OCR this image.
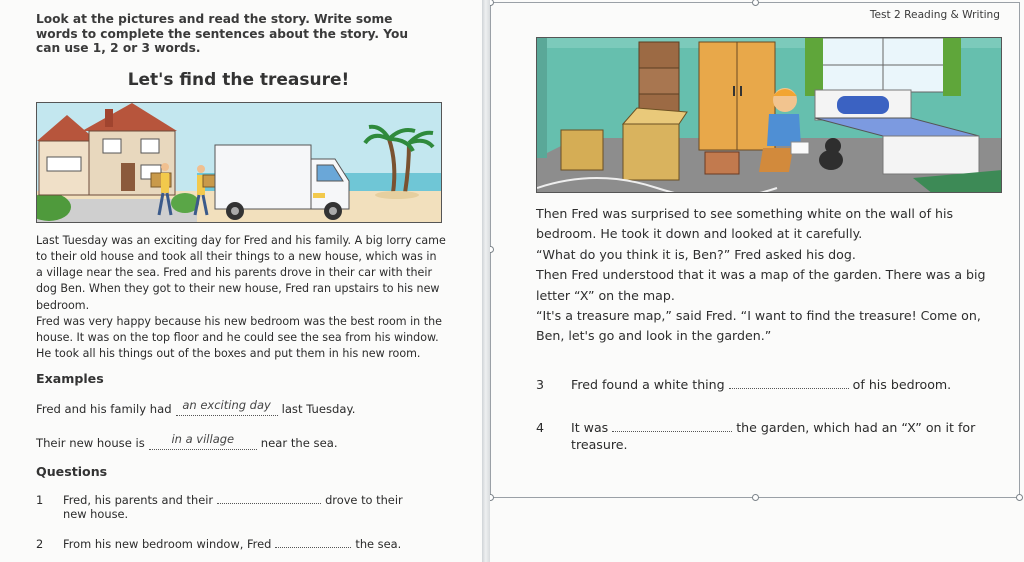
Look at the pictures and read the story. Write some words to complete the sentences about the story. You can use 1, 2 or 3 words.

Let's find the treasure!

Last Tuesday was an exciting day for Fred and his family. A big lorry came to their old house and took all their things to a new house, which was in a village near the sea. Fred and his parents drove in their car with their dog Ben. When they got to their new house, Fred ran upstairs to his new bedroom.

Fred was very happy because his new bedroom was the best room in the house. It was on the top floor and he could see the sea from his window. He took all his things out of the boxes and put them in his new room.

Examples
Fred and his family had an exciting day last Tuesday.
Their new house is	in a village	near the sea.
Questions
1	Fred, his parents and their	drove to their
new house.
2	From his new bedroom window, Fred	the sea.
Test 2 Reading & Writing

Then Fred was surprised to see something white on the wall of his bedroom. He took it down and looked at it carefully.

“What do you think it is, Ben?” Fred asked his dog.

Then Fred understood that it was a map of the garden. There was a big letter “X” on the map.

“It's a treasure map,” said Fred. “I want to find the treasure! Come on, Ben, let's go and look in the garden.”

3	Fred found a white thing	of his bedroom.
4	It was	the garden, which had an “X” on it for
treasure.
